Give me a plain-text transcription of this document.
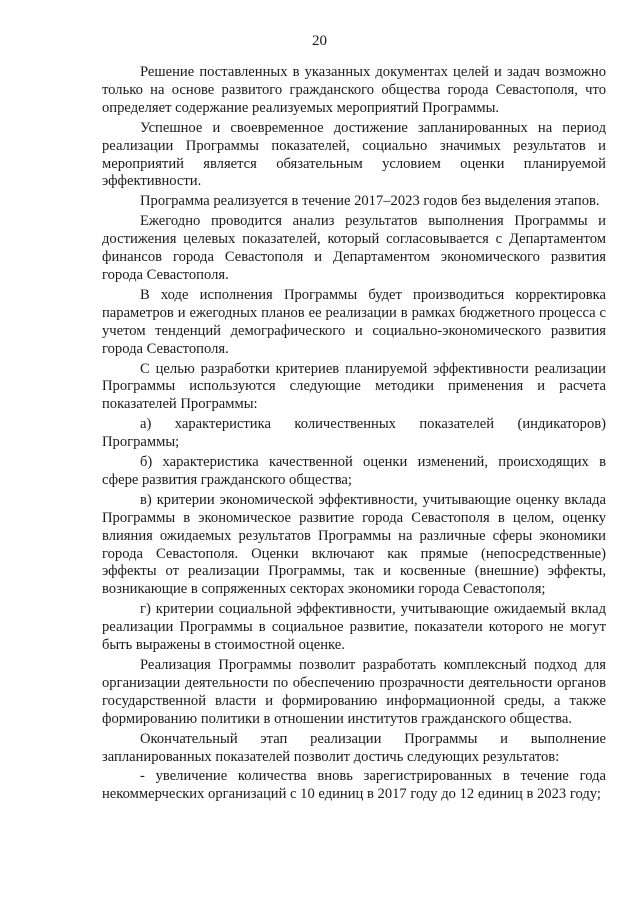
20

Решение поставленных в указанных документах целей и задач возможно только на основе развитого гражданского общества города Севастополя, что определяет содержание реализуемых мероприятий Программы.

Успешное и своевременное достижение запланированных на период реализации Программы показателей, социально значимых результатов и мероприятий является обязательным условием оценки планируемой эффективности.

Программа реализуется в течение 2017–2023 годов без выделения этапов.

Ежегодно проводится анализ результатов выполнения Программы и достижения целевых показателей, который согласовывается с Департаментом финансов города Севастополя и Департаментом экономического развития города Севастополя.

В ходе исполнения Программы будет производиться корректировка параметров и ежегодных планов ее реализации в рамках бюджетного процесса с учетом тенденций демографического и социально-экономического развития города Севастополя.

С целью разработки критериев планируемой эффективности реализации Программы используются следующие методики применения и расчета показателей Программы:

а) характеристика количественных показателей (индикаторов) Программы;

б) характеристика качественной оценки изменений, происходящих в сфере развития гражданского общества;

в) критерии экономической эффективности, учитывающие оценку вклада Программы в экономическое развитие города Севастополя в целом, оценку влияния ожидаемых результатов Программы на различные сферы экономики города Севастополя. Оценки включают как прямые (непосредственные) эффекты от реализации Программы, так и косвенные (внешние) эффекты, возникающие в сопряженных секторах экономики города Севастополя;

г) критерии социальной эффективности, учитывающие ожидаемый вклад реализации Программы в социальное развитие, показатели которого не могут быть выражены в стоимостной оценке.

Реализация Программы позволит разработать комплексный подход для организации деятельности по обеспечению прозрачности деятельности органов государственной власти и формированию информационной среды, а также формированию политики в отношении институтов гражданского общества.

Окончательный этап реализации Программы и выполнение запланированных показателей позволит достичь следующих результатов:

- увеличение количества вновь зарегистрированных в течение года некоммерческих организаций с 10 единиц в 2017 году до 12 единиц в 2023 году;
